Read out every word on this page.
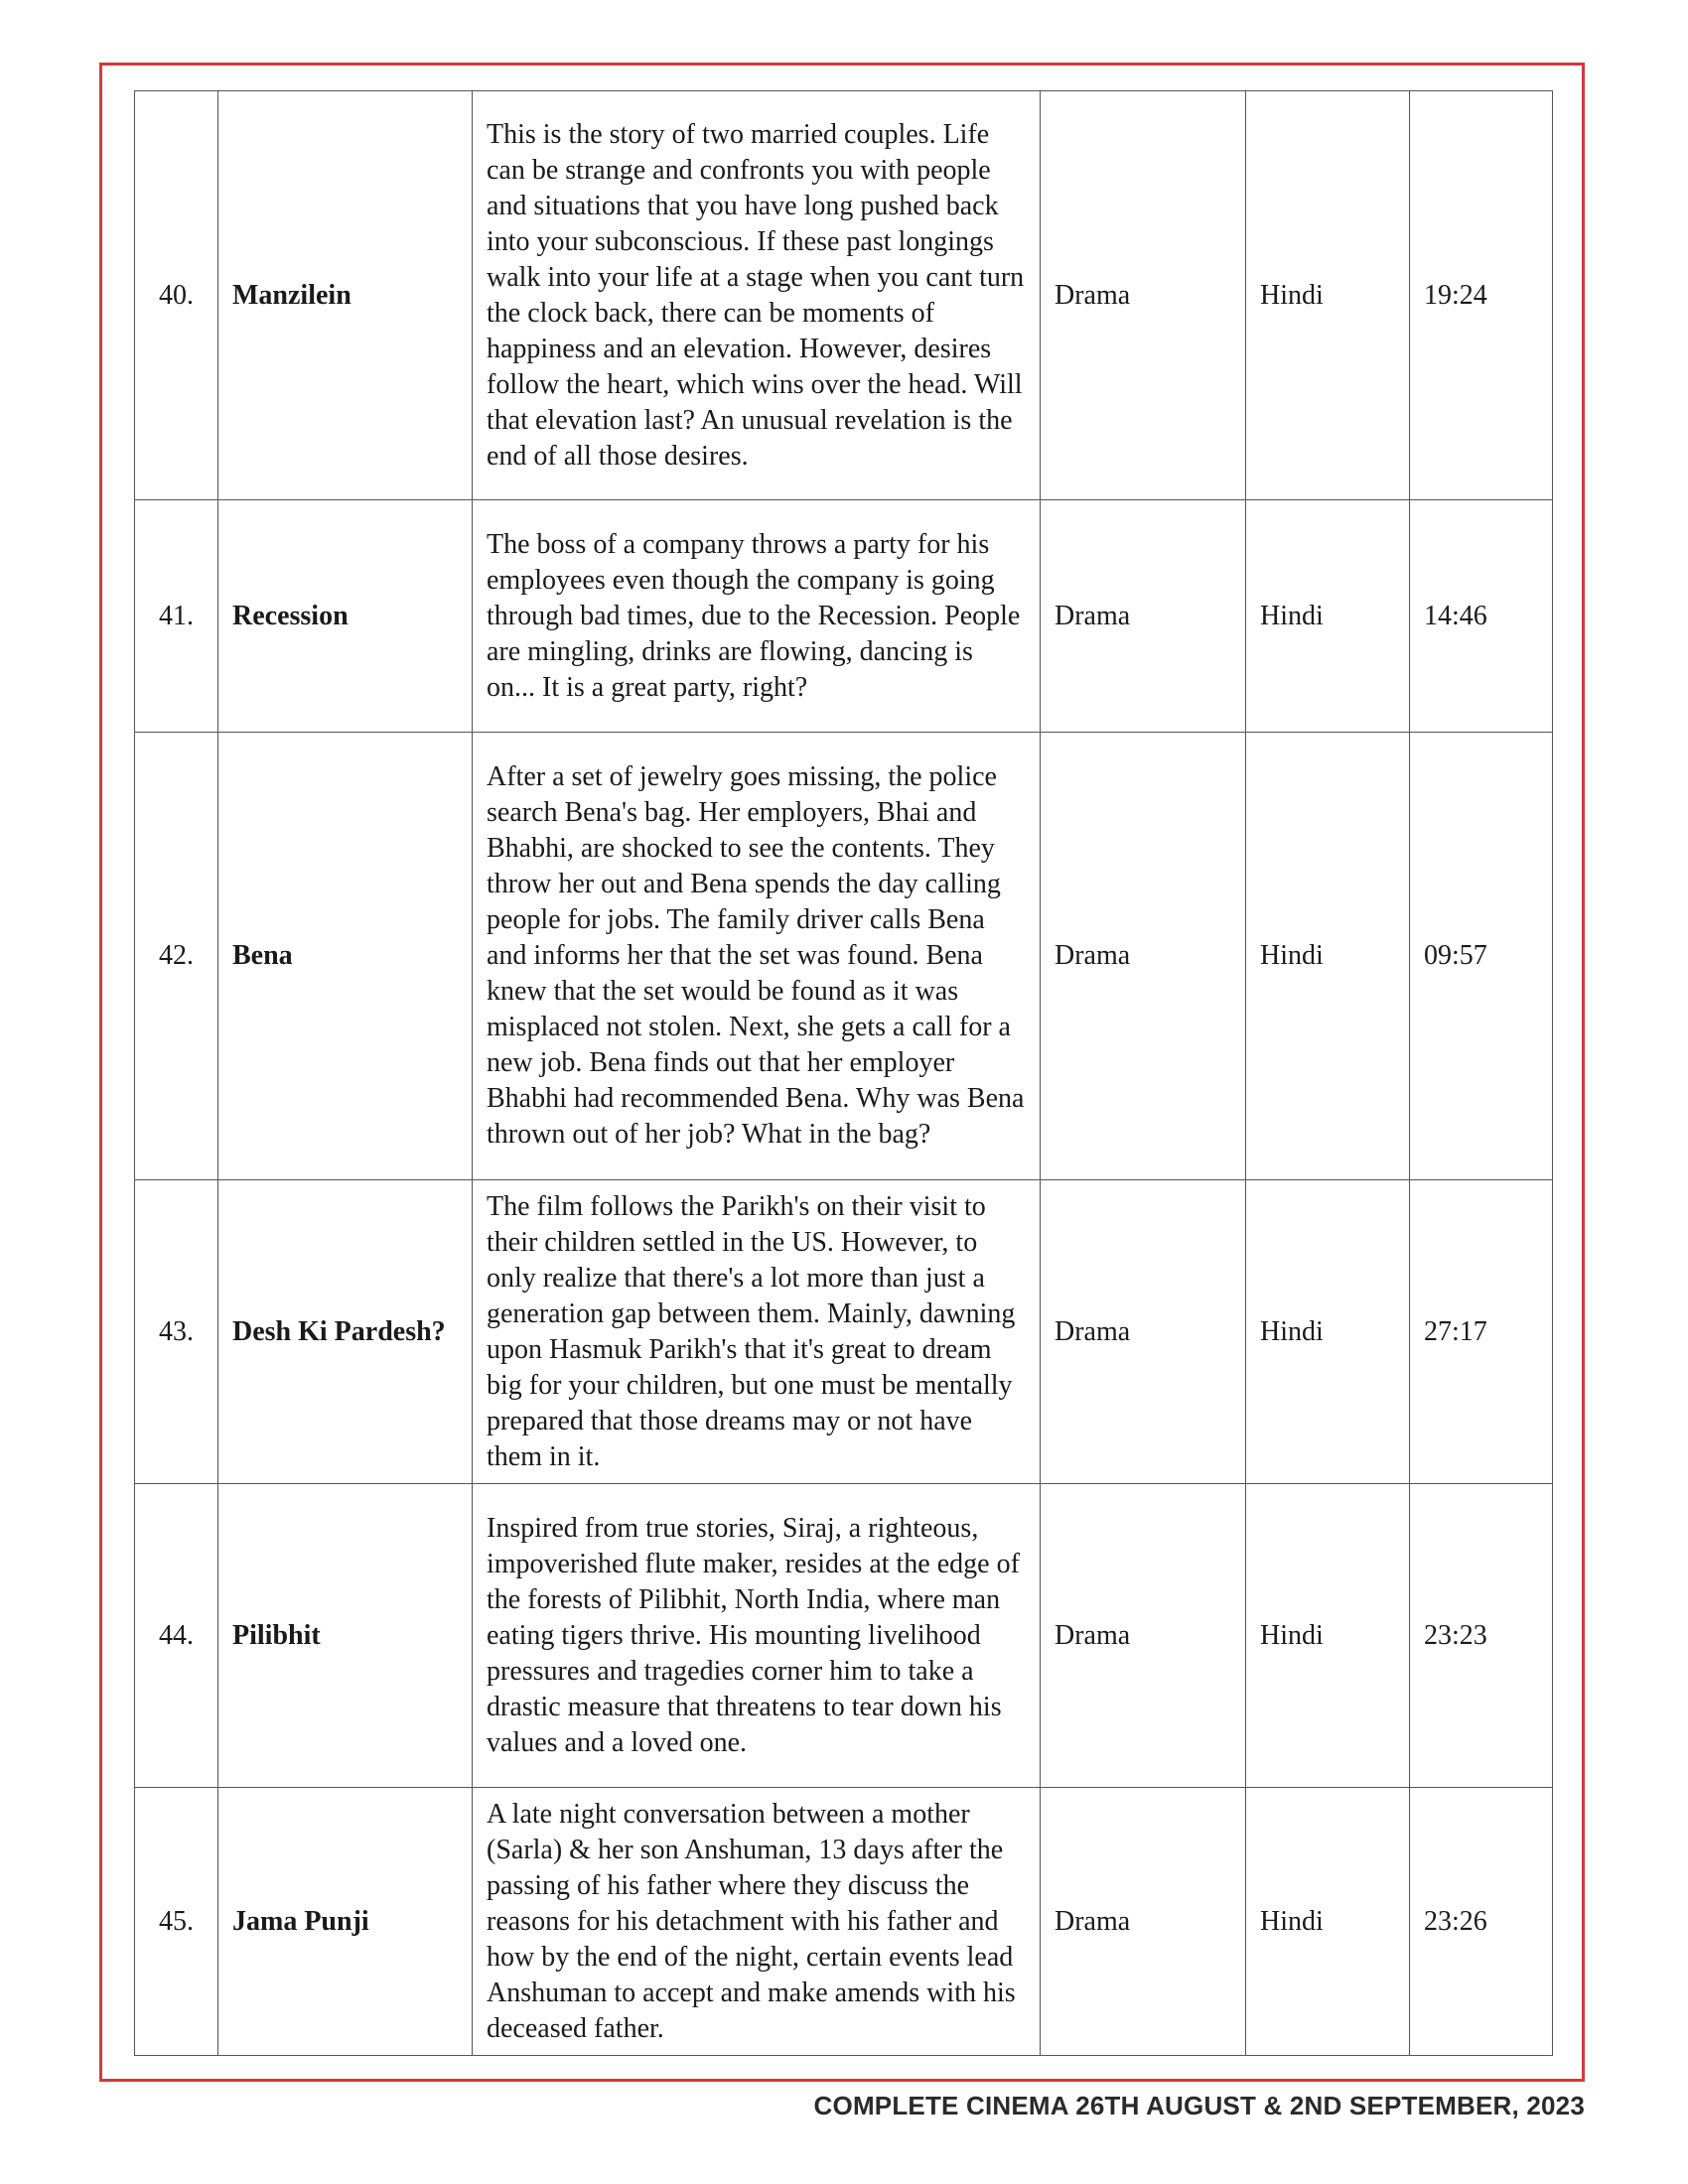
40.	Manzilein	This is the story of two married couples. Life can be strange and confronts you with people and situations that you have long pushed back into your subconscious. If these past longings walk into your life at a stage when you cant turn the clock back, there can be moments of happiness and an elevation. However, desires follow the heart, which wins over the head. Will that elevation last? An unusual revelation is the end of all those desires.	Drama	Hindi	19:24
41.	Recession	The boss of a company throws a party for his employees even though the company is going through bad times, due to the Recession. People are mingling, drinks are flowing, dancing is on... It is a great party, right?	Drama	Hindi	14:46
42.	Bena	After a set of jewelry goes missing, the police search Bena's bag. Her employers, Bhai and Bhabhi, are shocked to see the contents. They throw her out and Bena spends the day calling people for jobs. The family driver calls Bena and informs her that the set was found. Bena knew that the set would be found as it was misplaced not stolen. Next, she gets a call for a new job. Bena finds out that her employer Bhabhi had recommended Bena. Why was Bena thrown out of her job? What in the bag?	Drama	Hindi	09:57
43.	Desh Ki Pardesh?	The film follows the Parikh's on their visit to their children settled in the US. However, to only realize that there's a lot more than just a generation gap between them. Mainly, dawning upon Hasmuk Parikh's that it's great to dream big for your children, but one must be mentally prepared that those dreams may or not have them in it.	Drama	Hindi	27:17
44.	Pilibhit	Inspired from true stories, Siraj, a righteous, impoverished flute maker, resides at the edge of the forests of Pilibhit, North India, where man eating tigers thrive. His mounting livelihood pressures and tragedies corner him to take a drastic measure that threatens to tear down his values and a loved one.	Drama	Hindi	23:23
45.	Jama Punji	A late night conversation between a mother (Sarla) & her son Anshuman, 13 days after the passing of his father where they discuss the reasons for his detachment with his father and how by the end of the night, certain events lead Anshuman to accept and make amends with his deceased father.	Drama	Hindi	23:26
COMPLETE CINEMA 26TH AUGUST & 2ND SEPTEMBER, 2023
